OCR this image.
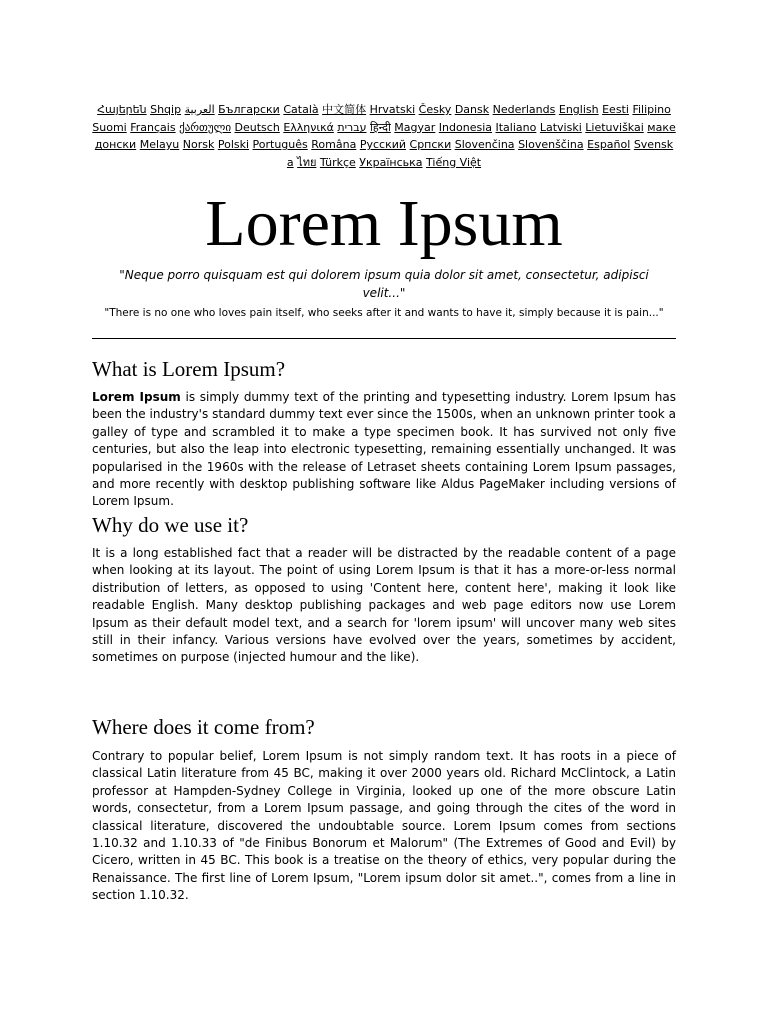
Հայերեն Shqip العربية Български Català 中文简体 Hrvatski Česky Dansk Nederlands English Eesti Filipino Suomi Français ქართული Deutsch Ελληνικά עברית हिन्दी Magyar Indonesia Italiano Latviski Lietuviškai македонски Melayu Norsk Polski Português Româna Русский Српски Slovenčina Slovenščina Español Svenska ไทย Türkçe Українська Tiếng Việt
Lorem Ipsum
"Neque porro quisquam est qui dolorem ipsum quia dolor sit amet, consectetur, adipisci velit..."
"There is no one who loves pain itself, who seeks after it and wants to have it, simply because it is pain..."
What is Lorem Ipsum?

Lorem Ipsum is simply dummy text of the printing and typesetting industry. Lorem Ipsum has been the industry's standard dummy text ever since the 1500s, when an unknown printer took a galley of type and scrambled it to make a type specimen book. It has survived not only five centuries, but also the leap into electronic typesetting, remaining essentially unchanged. It was popularised in the 1960s with the release of Letraset sheets containing Lorem Ipsum passages, and more recently with desktop publishing software like Aldus PageMaker including versions of Lorem Ipsum.

Why do we use it?

It is a long established fact that a reader will be distracted by the readable content of a page when looking at its layout. The point of using Lorem Ipsum is that it has a more-or-less normal distribution of letters, as opposed to using 'Content here, content here', making it look like readable English. Many desktop publishing packages and web page editors now use Lorem Ipsum as their default model text, and a search for 'lorem ipsum' will uncover many web sites still in their infancy. Various versions have evolved over the years, sometimes by accident, sometimes on purpose (injected humour and the like).

Where does it come from?

Contrary to popular belief, Lorem Ipsum is not simply random text. It has roots in a piece of classical Latin literature from 45 BC, making it over 2000 years old. Richard McClintock, a Latin professor at Hampden-Sydney College in Virginia, looked up one of the more obscure Latin words, consectetur, from a Lorem Ipsum passage, and going through the cites of the word in classical literature, discovered the undoubtable source. Lorem Ipsum comes from sections 1.10.32 and 1.10.33 of "de Finibus Bonorum et Malorum" (The Extremes of Good and Evil) by Cicero, written in 45 BC. This book is a treatise on the theory of ethics, very popular during the Renaissance. The first line of Lorem Ipsum, "Lorem ipsum dolor sit amet..", comes from a line in section 1.10.32.
